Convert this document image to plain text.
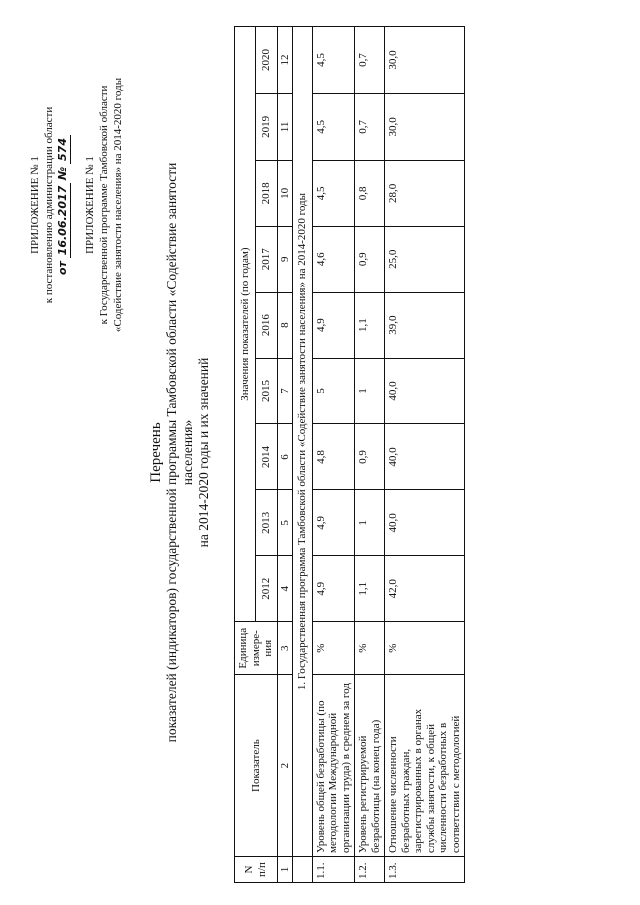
ПРИЛОЖЕНИЕ № 1 к постановлению администрации области от 16.06.2017 № 574
ПРИЛОЖЕНИЕ № 1 к Государственной программе Тамбовской области «Содействие занятости населения» на 2014-2020 годы
Перечень показателей (индикаторов) государственной программы Тамбовской области «Содействие занятости населения» на 2014-2020 годы и их значений
N п/п	Показатель	Единица измере-ния	Значения показателей (по годам)								
			2012	2013	2014	2015	2016	2017	2018	2019	2020
1	2	3	4	5	6	7	8	9	10	11	12
	1. Государственная программа Тамбовской области «Содействие занятости населения» на 2014-2020 годы										
1.1.	Уровень общей безработицы (по методологии Международной организации труда) в среднем за год	%	4,9	4,9	4,8	5	4,9	4,6	4,5	4,5	4,5
1.2.	Уровень регистрируемой безработицы (на конец года)	%	1,1	1	0,9	1	1,1	0,9	0,8	0,7	0,7
1.3.	Отношение численности безработных граждан, зарегистрированных в органах службы занятости, к общей численности безработных в соответствии с методологией	%	42,0	40,0	40,0	40,0	39,0	25,0	28,0	30,0	30,0
